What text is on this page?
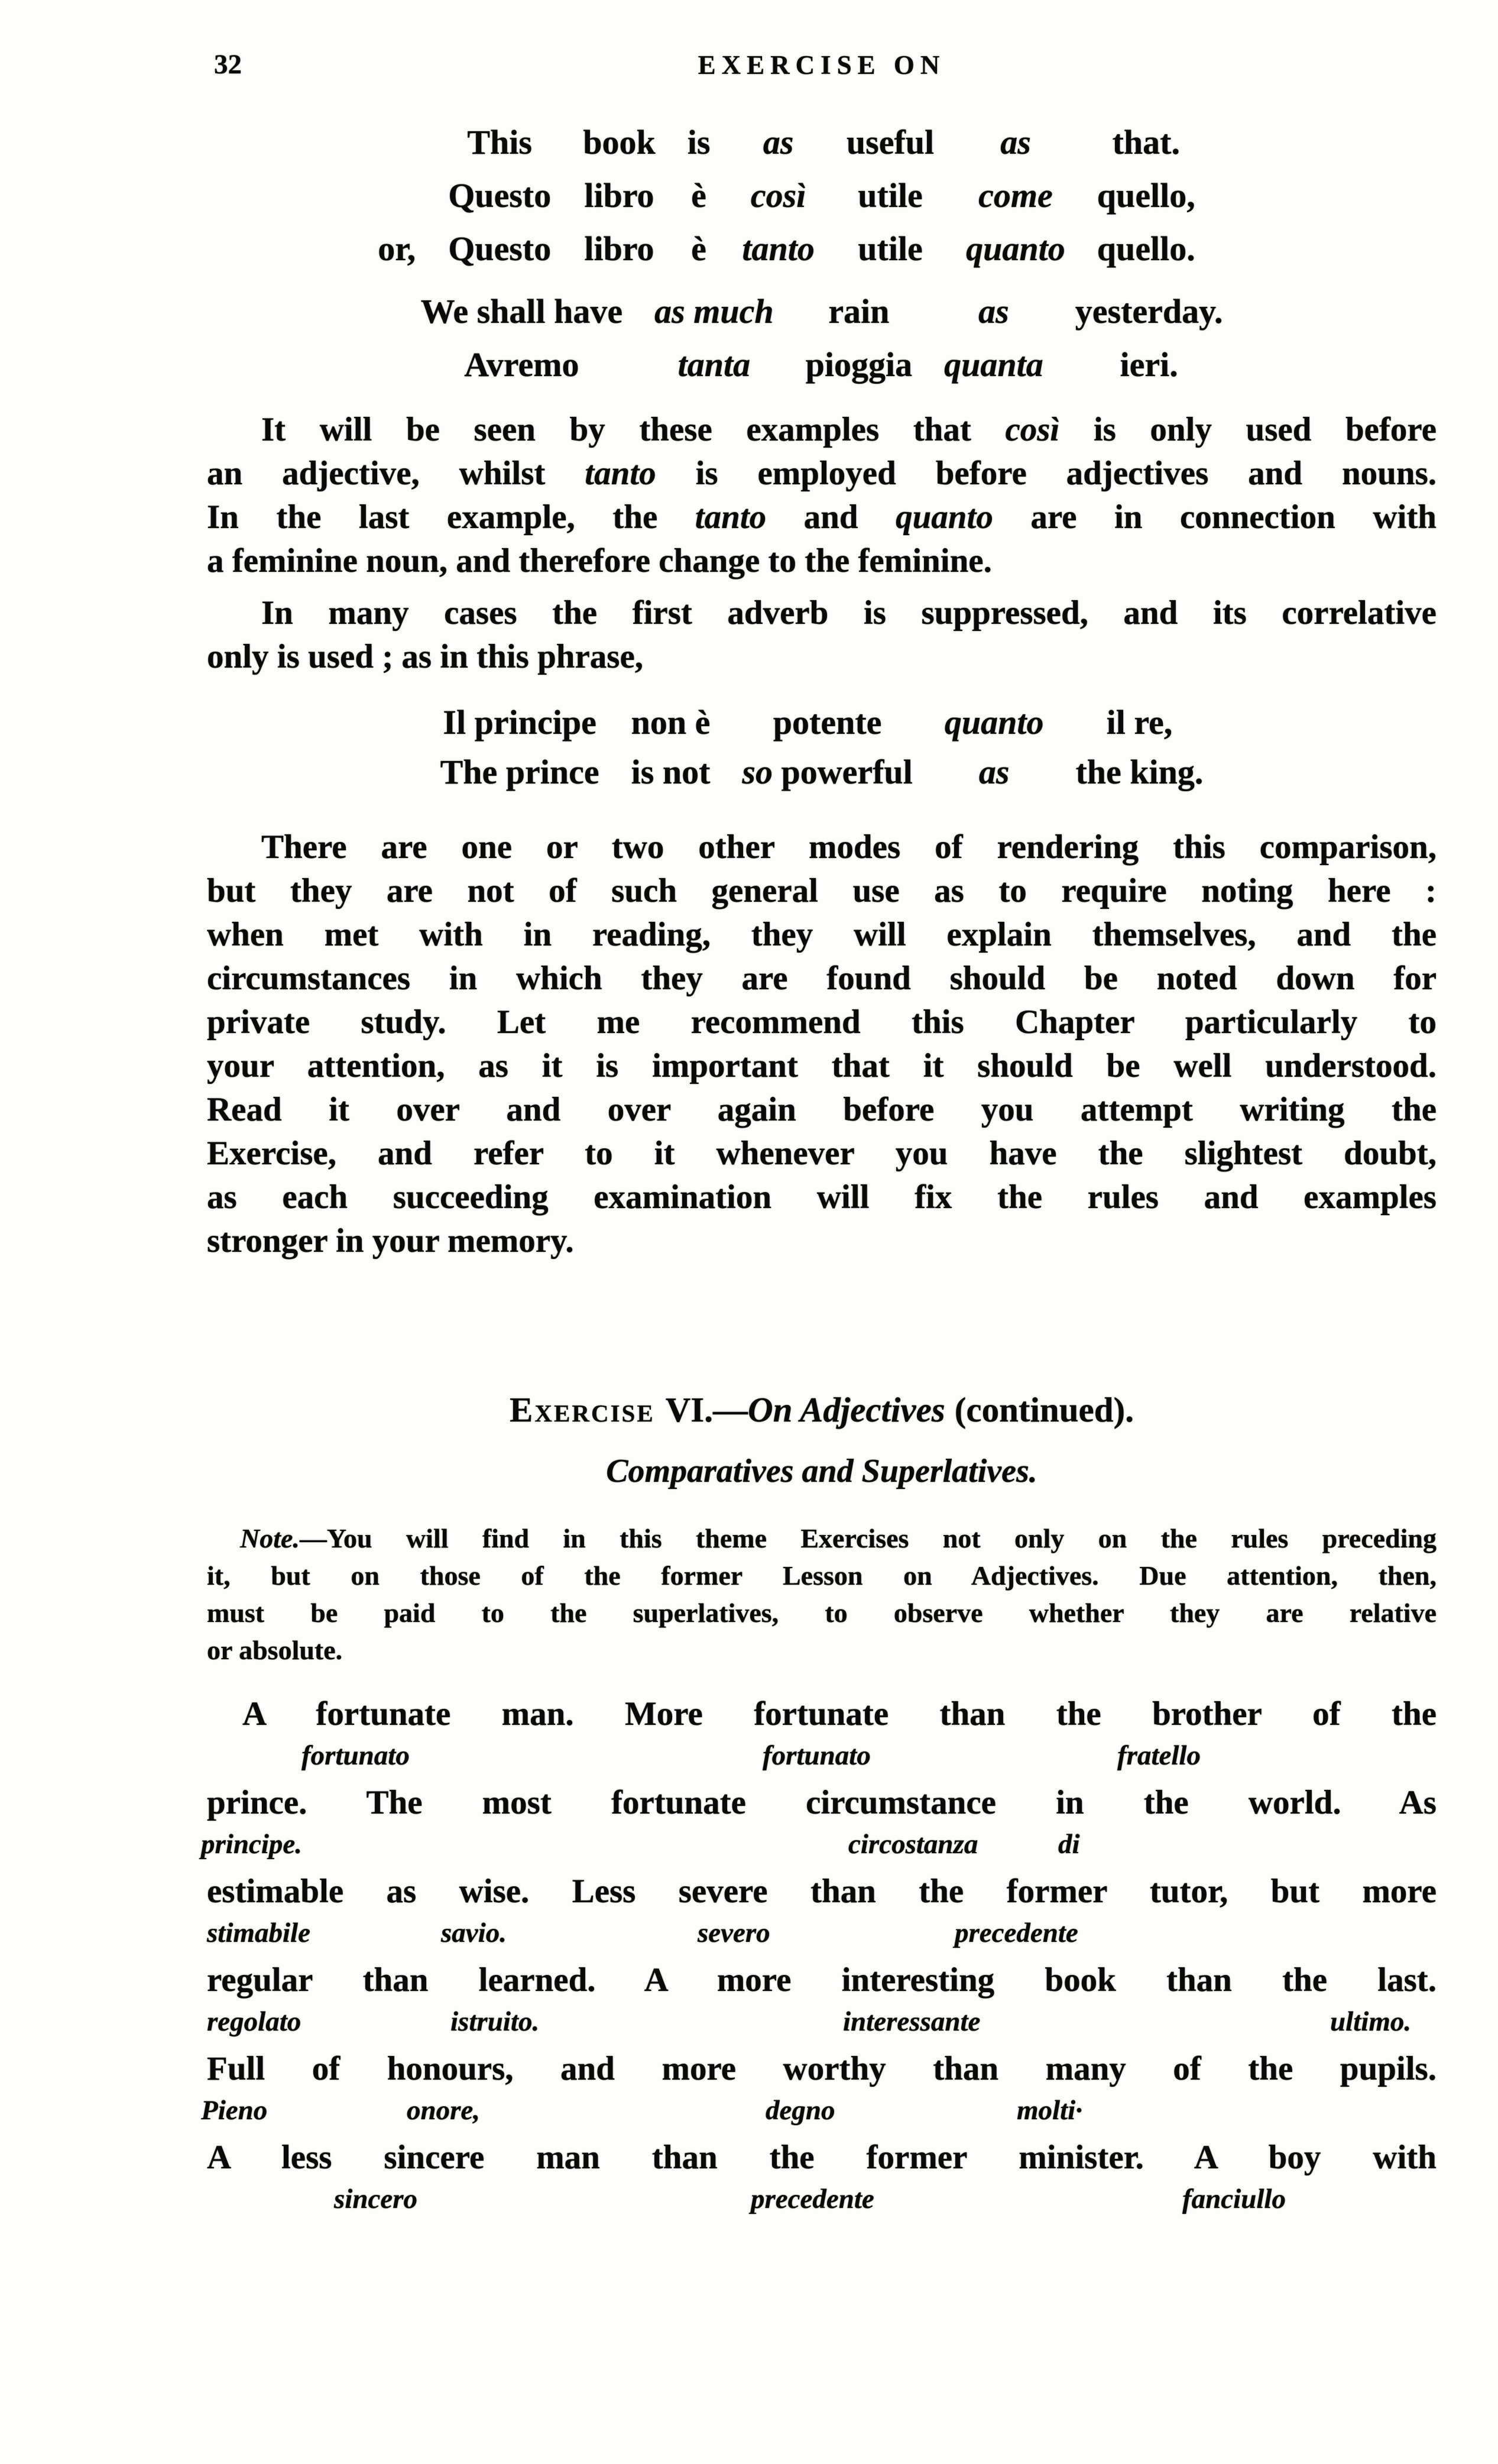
32	EXERCISE ON
This	book	is	as	useful	as	that.
Questo	libro	è	così	utile	come	quello,

or, Questo	libro	è	tanto	utile	quanto	quello.
We shall have	as much	rain	as	yesterday.
Avremo	tanta	pioggia	quanta	ieri.
It will be seen by these examples that così is only used before
an adjective, whilst tanto is employed before adjectives and nouns.
In the last example, the tanto and quanto are in connection with
a feminine noun, and therefore change to the feminine.
In many cases the first adverb is suppressed, and its correlative
only is used ; as in this phrase,
Il principe	non è	potente	quanto	il re,
The prince	is not	so powerful	as	the king.
There are one or two other modes of rendering this comparison,
but they are not of such general use as to require noting here :
when met with in reading, they will explain themselves, and the
circumstances in which they are found should be noted down for
private study. Let me recommend this Chapter particularly to
your attention, as it is important that it should be well understood.
Read it over and over again before you attempt writing the
Exercise, and refer to it whenever you have the slightest doubt,
as each succeeding examination will fix the rules and examples
stronger in your memory.
Exercise VI.—On Adjectives (continued).
Comparatives and Superlatives.
Note.—You will find in this theme Exercises not only on the rules preceding
it, but on those of the former Lesson on Adjectives. Due attention, then,
must be paid to the superlatives, to observe whether they are relative
or absolute.
A fortunate man. More fortunate than the brother of the
fortunato	fortunato	fratello
prince. The most fortunate circumstance in the world. As
principe.	circostanza	di
estimable as wise. Less severe than the former tutor, but more
stimabile	savio.	severo	precedente
regular than learned. A more interesting book than the last.
regolato	istruito.	interessante	ultimo.
Full of honours, and more worthy than many of the pupils.
Pieno	onore,	degno	molti·
A less sincere man than the former minister. A boy with
sincero	precedente	fanciullo
